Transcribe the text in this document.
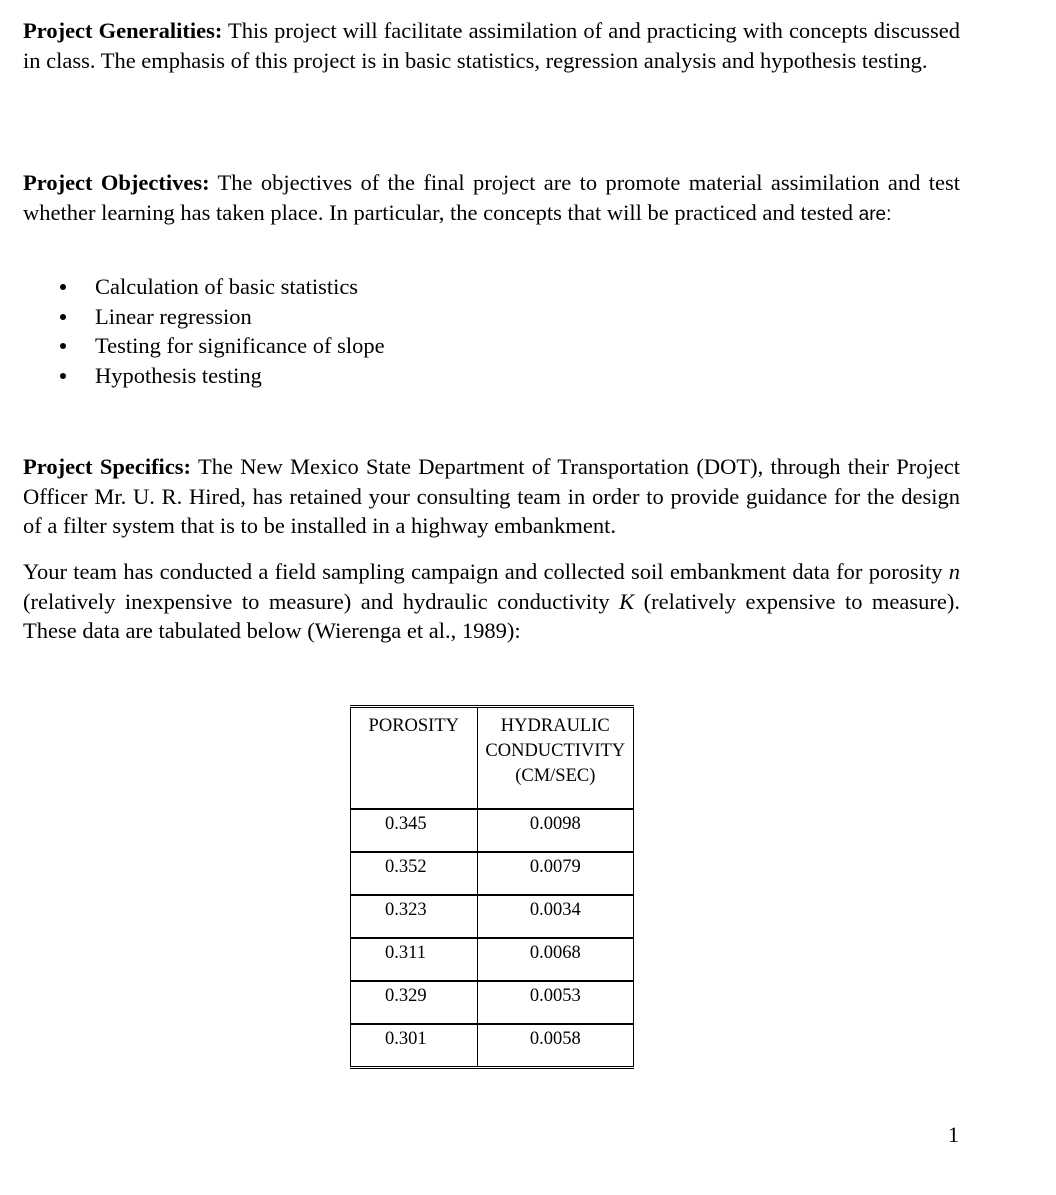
Project Generalities: This project will facilitate assimilation of and practicing with concepts discussed in class. The emphasis of this project is in basic statistics, regression analysis and hypothesis testing.

Project Objectives: The objectives of the final project are to promote material assimilation and test whether learning has taken place. In particular, the concepts that will be practiced and tested are:

Calculation of basic statistics
Linear regression
Testing for significance of slope
Hypothesis testing

Project Specifics: The New Mexico State Department of Transportation (DOT), through their Project Officer Mr. U. R. Hired, has retained your consulting team in order to provide guidance for the design of a filter system that is to be installed in a highway embankment.

Your team has conducted a field sampling campaign and collected soil embankment data for porosity n (relatively inexpensive to measure) and hydraulic conductivity K (relatively expensive to measure). These data are tabulated below (Wierenga et al., 1989):

POROSITY	HYDRAULIC
CONDUCTIVITY
(CM/SEC)

0.345	0.0098
0.352	0.0079
0.323	0.0034
0.311	0.0068
0.329	0.0053
0.301	0.0058
1
